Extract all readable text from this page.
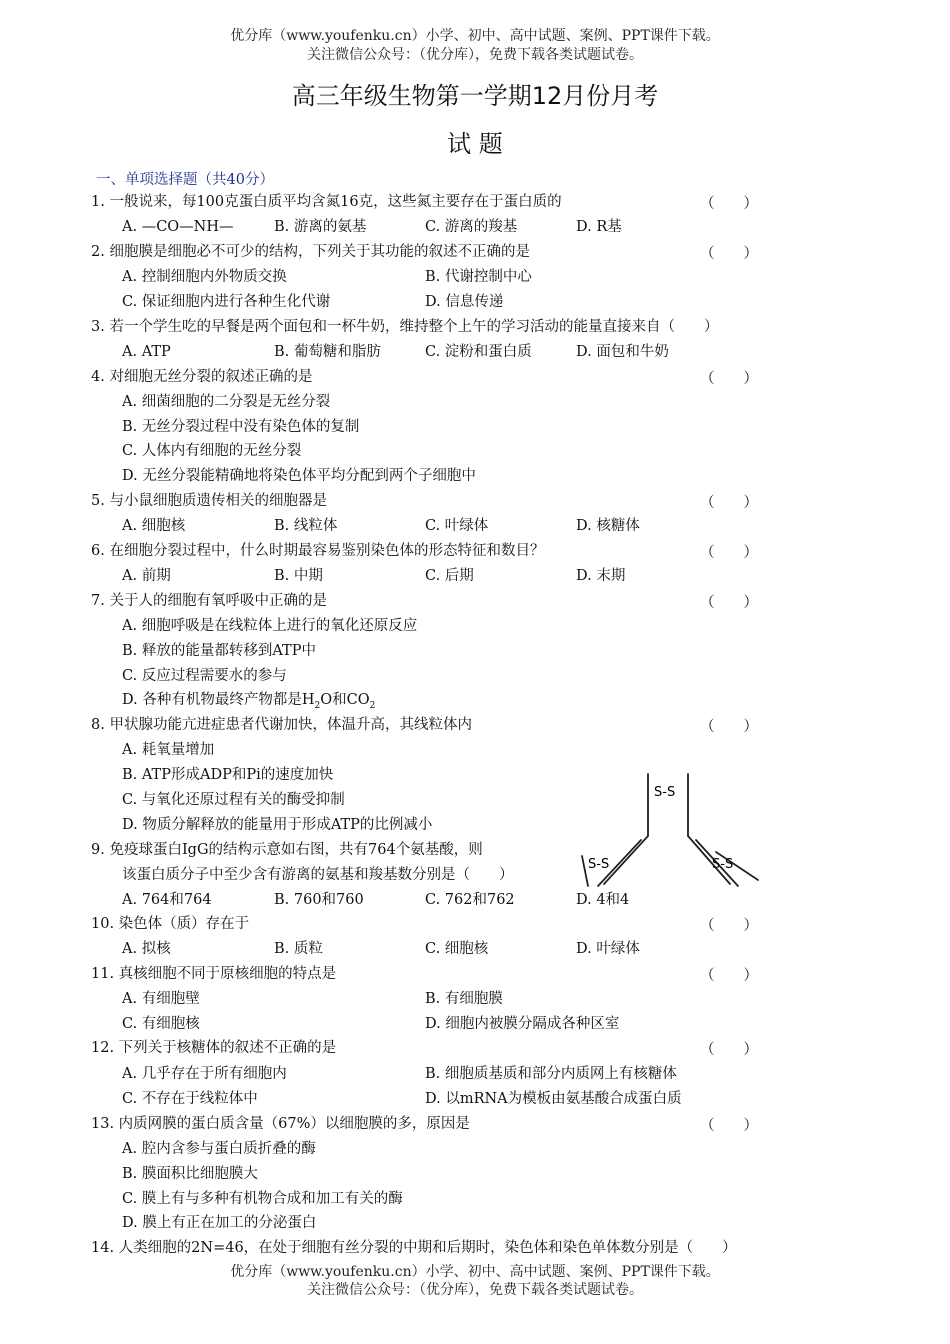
优分库（www.youfenku.cn）小学、初中、高中试题、案例、PPT课件下载。
关注微信公众号：（优分库），免费下载各类试题试卷。
高三年级生物第一学期12月份月考
试 题
一、单项选择题（共40分）
1. 一般说来，每100克蛋白质平均含氮16克，这些氮主要存在于蛋白质的	（　　）
A. —CO—NH—	B. 游离的氨基	C. 游离的羧基	D. R基
2. 细胞膜是细胞必不可少的结构，下列关于其功能的叙述不正确的是	（　　）
A. 控制细胞内外物质交换	B. 代谢控制中心
C. 保证细胞内进行各种生化代谢	D. 信息传递
3. 若一个学生吃的早餐是两个面包和一杯牛奶，维持整个上午的学习活动的能量直接来自（　　）
A. ATP	B. 葡萄糖和脂肪	C. 淀粉和蛋白质	D. 面包和牛奶
4. 对细胞无丝分裂的叙述正确的是	（　　）
A. 细菌细胞的二分裂是无丝分裂
B. 无丝分裂过程中没有染色体的复制
C. 人体内有细胞的无丝分裂
D. 无丝分裂能精确地将染色体平均分配到两个子细胞中
5. 与小鼠细胞质遗传相关的细胞器是	（　　）
A. 细胞核	B. 线粒体	C. 叶绿体	D. 核糖体
6. 在细胞分裂过程中，什么时期最容易鉴别染色体的形态特征和数目？	（　　）
A. 前期	B. 中期	C. 后期	D. 末期
7. 关于人的细胞有氧呼吸中正确的是	（　　）
A. 细胞呼吸是在线粒体上进行的氧化还原反应
B. 释放的能量都转移到ATP中
C. 反应过程需要水的参与
D. 各种有机物最终产物都是$H_2O$和$CO_2$
8. 甲状腺功能亢进症患者代谢加快，体温升高，其线粒体内	（　　）
A. 耗氧量增加
B. ATP形成ADP和Pi的速度加快
C. 与氧化还原过程有关的酶受抑制
D. 物质分解释放的能量用于形成ATP的比例减小
S-S
S-S	S-S
9. 免疫球蛋白IgG的结构示意如右图，共有764个氨基酸，则
该蛋白质分子中至少含有游离的氨基和羧基数分别是（　　）
A. 764和764	B. 760和760	C. 762和762	D. 4和4
10. 染色体（质）存在于	（　　）
A. 拟核	B. 质粒	C. 细胞核	D. 叶绿体
11. 真核细胞不同于原核细胞的特点是	（　　）
A. 有细胞壁	B. 有细胞膜
C. 有细胞核	D. 细胞内被膜分隔成各种区室
12. 下列关于核糖体的叙述不正确的是	（　　）
A. 几乎存在于所有细胞内	B. 细胞质基质和部分内质网上有核糖体
C. 不存在于线粒体中	D. 以mRNA为模板由氨基酸合成蛋白质
13. 内质网膜的蛋白质含量（67%）以细胞膜的多，原因是	（　　）
A. 腔内含参与蛋白质折叠的酶
B. 膜面积比细胞膜大
C. 膜上有与多种有机物合成和加工有关的酶
D. 膜上有正在加工的分泌蛋白
14. 人类细胞的2N=46，在处于细胞有丝分裂的中期和后期时，染色体和染色单体数分别是（　　）
优分库（www.youfenku.cn）小学、初中、高中试题、案例、PPT课件下载。
关注微信公众号：（优分库），免费下载各类试题试卷。
